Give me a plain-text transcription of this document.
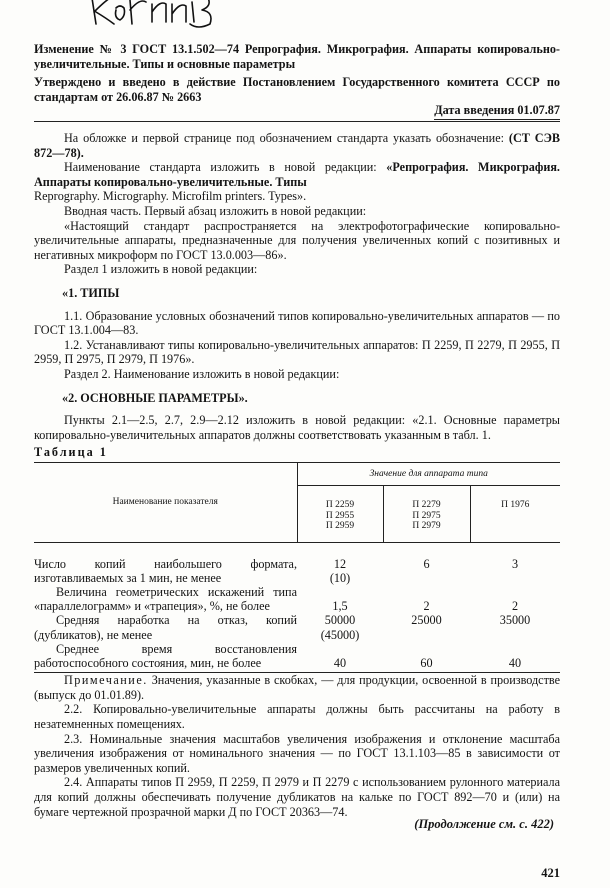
Изменение № 3 ГОСТ 13.1.502—74 Репрография. Микрография. Аппараты копировально-увеличительные. Типы и основные параметры

Утверждено и введено в действие Постановлением Государственного комитета СССР по стандартам от 26.06.87 № 2663

Дата введения 01.07.87

На обложке и первой странице под обозначением стандарта указать обозначение: (СТ СЭВ 872—78).

Наименование стандарта изложить в новой редакции: «Репрография. Микрография. Аппараты копировально-увеличительные. Типы

Reprography. Micrography. Microfilm printers. Types».

Вводная часть. Первый абзац изложить в новой редакции:

«Настоящий стандарт распространяется на электрофотографические копировально-увеличительные аппараты, предназначенные для получения увеличенных копий с позитивных и негативных микроформ по ГОСТ 13.0.003—86».

Раздел 1 изложить в новой редакции:

«1. ТИПЫ

1.1. Образование условных обозначений типов копировально-увеличительных аппаратов — по ГОСТ 13.1.004—83.

1.2. Устанавливают типы копировально-увеличительных аппаратов: П 2259, П 2279, П 2955, П 2959, П 2975, П 2979, П 1976».

Раздел 2. Наименование изложить в новой редакции:

«2. ОСНОВНЫЕ ПАРАМЕТРЫ».

Пункты 2.1—2.5, 2.7, 2.9—2.12 изложить в новой редакции: «2.1. Основные параметры копировально-увеличительных аппаратов должны соответствовать указанным в табл. 1.

Таблица 1

Наименование показателя	Значение для аппарата типа		
	П 2259
П 2955
П 2959	П 2279
П 2975
П 2979	П 1976
Число копий наибольшего формата, изготавливаемых за 1 мин, не менее	12
(10)	6	3
Величина геометрических искажений типа «параллелограмм» и «трапеция», %, не более	1,5	2	2
Средняя наработка на отказ, копий (дубликатов), не менее	50000
(45000)	25000	35000
Среднее время восстановления работоспособного состояния, мин, не более	40	60	40

Примечание. Значения, указанные в скобках, — для продукции, освоенной в производстве (выпуск до 01.01.89).

2.2. Копировально-увеличительные аппараты должны быть рассчитаны на работу в незатемненных помещениях.

2.3. Номинальные значения масштабов увеличения изображения и отклонение масштаба увеличения изображения от номинального значения — по ГОСТ 13.1.103—85 в зависимости от размеров увеличенных копий.

2.4. Аппараты типов П 2959, П 2259, П 2979 и П 2279 с использованием рулонного материала для копий должны обеспечивать получение дубликатов на кальке по ГОСТ 892—70 и (или) на бумаге чертежной прозрачной марки Д по ГОСТ 20363—74.

(Продолжение см. с. 422)
421
